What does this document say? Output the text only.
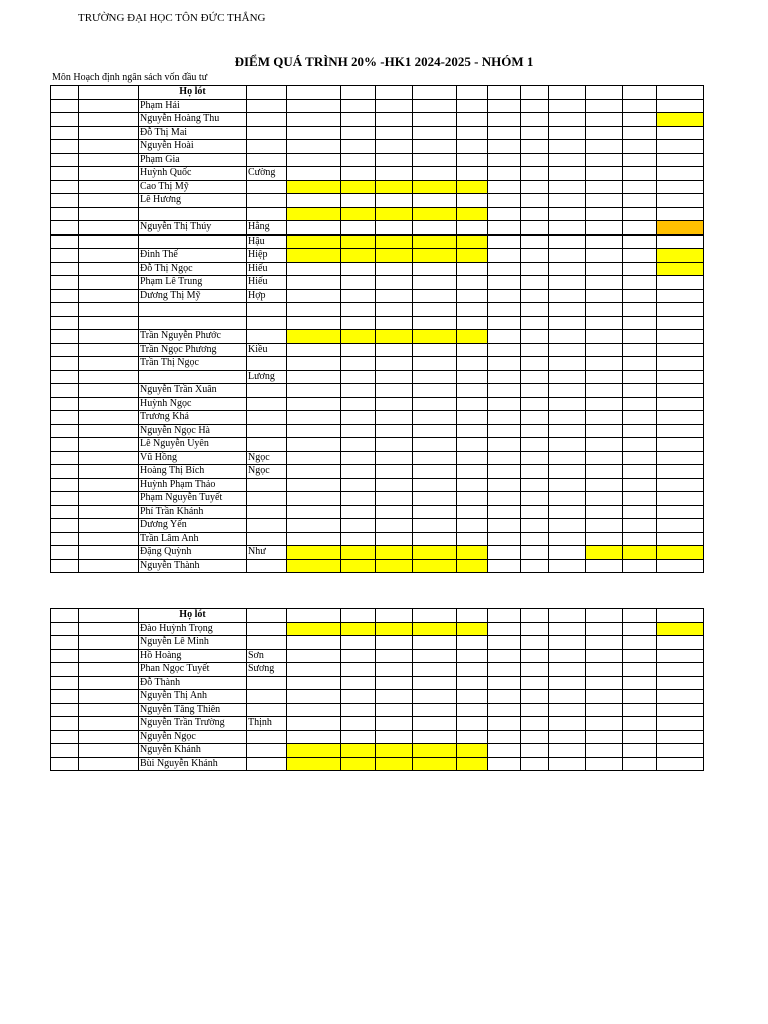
TRƯỜNG ĐẠI HỌC TÔN ĐỨC THẮNG
ĐIỂM QUÁ TRÌNH 20% -HK1 2024-2025 - NHÓM 1
Môn Hoạch định ngân sách vốn đầu tư
		Họ lót												
		Phạm Hải												
		Nguyễn Hoàng Thu												
		Đỗ Thị Mai												
		Nguyễn Hoài												
		Phạm Gia												
		Huỳnh Quốc	Cường											
		Cao Thị Mỹ												
		Lê Hương												

		Nguyễn Thị Thúy	Hằng											
			Hậu											
		Đinh Thế	Hiệp											
		Đỗ Thị Ngọc	Hiếu											
		Phạm Lê Trung	Hiếu											
		Dương Thị Mỹ	Hợp											

		Trần Nguyễn Phước												
		Trần Ngọc Phương	Kiều											
		Trần Thị Ngọc												
			Lương											
		Nguyễn Trần Xuân												
		Huỳnh Ngọc												
		Trương Khả												
		Nguyễn Ngọc Hà												
		Lê Nguyễn Uyên												
		Vũ Hồng	Ngọc											
		Hoàng Thị Bích	Ngọc											
		Huỳnh Phạm Thảo												
		Phạm Nguyễn Tuyết												
		Phí Trần Khánh												
		Dương Yến												
		Trần Lâm Anh												
		Đặng Quỳnh	Như											
		Nguyễn Thành												
		Họ lót												
		Đào Huỳnh Trọng												
		Nguyễn Lê Minh												
		Hồ Hoàng	Sơn											
		Phan Ngọc Tuyết	Sương											
		Đỗ Thành												
		Nguyễn Thị Anh												
		Nguyễn Tăng Thiên												
		Nguyễn Trần Trường	Thịnh											
		Nguyễn Ngọc												
		Nguyễn Khánh												
		Bùi Nguyễn Khánh												
